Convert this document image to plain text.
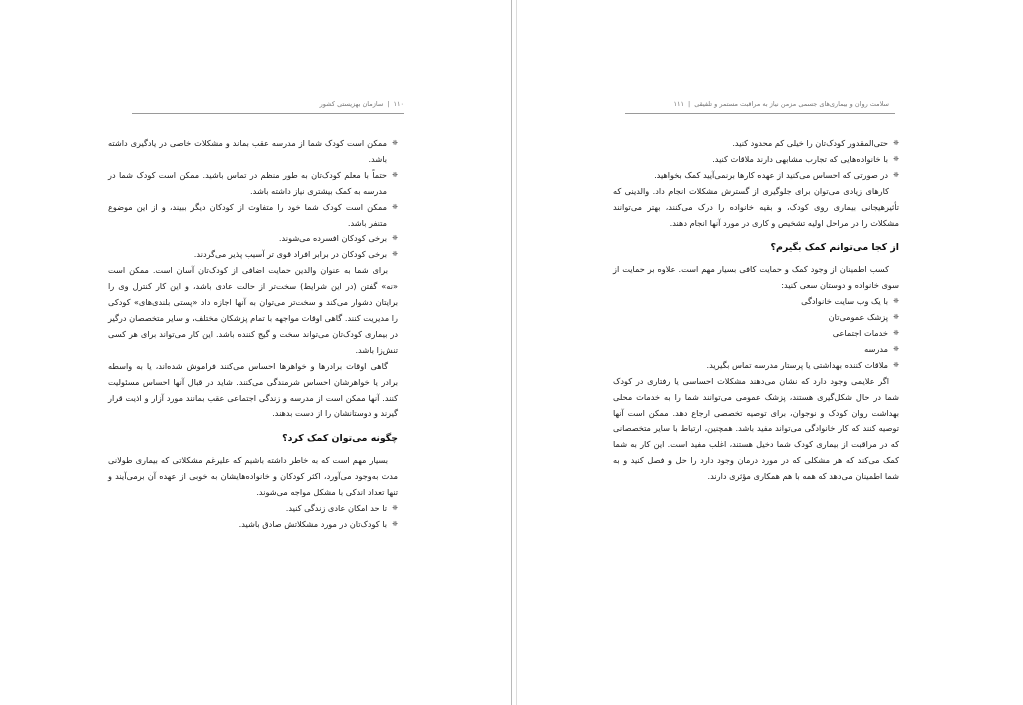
۱۱۰
|
سازمان بهزیستی کشور
❈ ممکن است کودک شما از مدرسه عقب بماند و مشکلات خاصی در یادگیری داشته باشد.
❈ حتماً با معلم کودک‌تان به طور منظم در تماس باشید. ممکن است کودک شما در مدرسه به کمک بیشتری نیاز داشته باشد.
❈ ممکن است کودک شما خود را متفاوت از کودکان دیگر ببیند، و از این موضوع متنفر باشد.
❈ برخی کودکان افسرده می‌شوند.
❈ برخی کودکان در برابر افراد قوی تر آسیب پذیر می‌گردند.
برای شما به عنوان والدین حمایت اضافی از کودک‌تان آسان است. ممکن است «نه» گفتن (در این شرایط) سخت‌تر از حالت عادی باشد، و این کار کنترل وی را برایتان دشوار می‌کند و سخت‌تر می‌توان به آنها اجازه داد «پستی بلندی‌های» کودکی را مدیریت کنند. گاهی اوقات مواجهه با تمام پزشکان مختلف، و سایر متخصصان درگیر در بیماری کودک‌تان می‌تواند سخت و گیج کننده باشد. این کار می‌تواند برای هر کسی تنش‌زا باشد.
گاهی اوقات برادرها و خواهرها احساس می‌کنند فراموش شده‌اند، یا به واسطه برادر یا خواهرشان احساس شرمندگی می‌کنند. شاید در قبال آنها احساس مسئولیت کنند. آنها ممکن است از مدرسه و زندگی اجتماعی عقب بمانند مورد آزار و اذیت قرار گیرند و دوستانشان را از دست بدهند.
چگونه می‌توان کمک کرد؟
بسیار مهم است که به خاطر داشته باشیم که علیرغم مشکلاتی که بیماری طولانی مدت به‌وجود می‌آورد، اکثر کودکان و خانواده‌هایشان به خوبی از عهده آن برمی‌آیند و تنها تعداد اندکی با مشکل مواجه می‌شوند.
❈ تا حد امکان عادی زندگی کنید.
❈ با کودک‌تان در مورد مشکلاتش صادق باشید.
سلامت روان و بیماری‌های جسمی مزمن نیاز به مراقبت مستمر و تلفیقی
|
۱۱۱
❈ حتی‌المقدور کودک‌تان را خیلی کم محدود کنید.
❈ با خانواده‌هایی که تجارب مشابهی دارند ملاقات کنید.
❈ در صورتی که احساس می‌کنید از عهده کارها برنمی‌آیید کمک بخواهید.
کارهای زیادی می‌توان برای جلوگیری از گسترش مشکلات انجام داد. والدینی که تأثیرهیجانی بیماری روی کودک، و بقیه خانواده را درک می‌کنند، بهتر می‌توانند مشکلات را در مراحل اولیه تشخیص و کاری در مورد آنها انجام دهند.
از کجا می‌توانم کمک بگیرم؟
کسب اطمینان از وجود کمک و حمایت کافی بسیار مهم است. علاوه بر حمایت از سوی خانواده و دوستان سعی کنید:
❈ با یک وب سایت خانوادگی
❈ پزشک عمومی‌تان
❈ خدمات اجتماعی
❈ مدرسه
❈ ملاقات کننده بهداشتی یا پرستار مدرسه تماس بگیرید.
اگر علایمی وجود دارد که نشان می‌دهند مشکلات احساسی یا رفتاری در کودک شما در حال شکل‌گیری هستند، پزشک عمومی می‌توانند شما را به خدمات محلی بهداشت روان کودک و نوجوان، برای توصیه تخصصی ارجاع دهد. ممکن است آنها توصیه کنند که کار خانوادگی می‌تواند مفید باشد. همچنین، ارتباط با سایر متخصصانی که در مراقبت از بیماری کودک شما دخیل هستند، اغلب مفید است. این کار به شما کمک می‌کند که هر مشکلی که در مورد درمان وجود دارد را حل و فصل کنید و به شما اطمینان می‌دهد که همه با هم همکاری مؤثری دارند.
